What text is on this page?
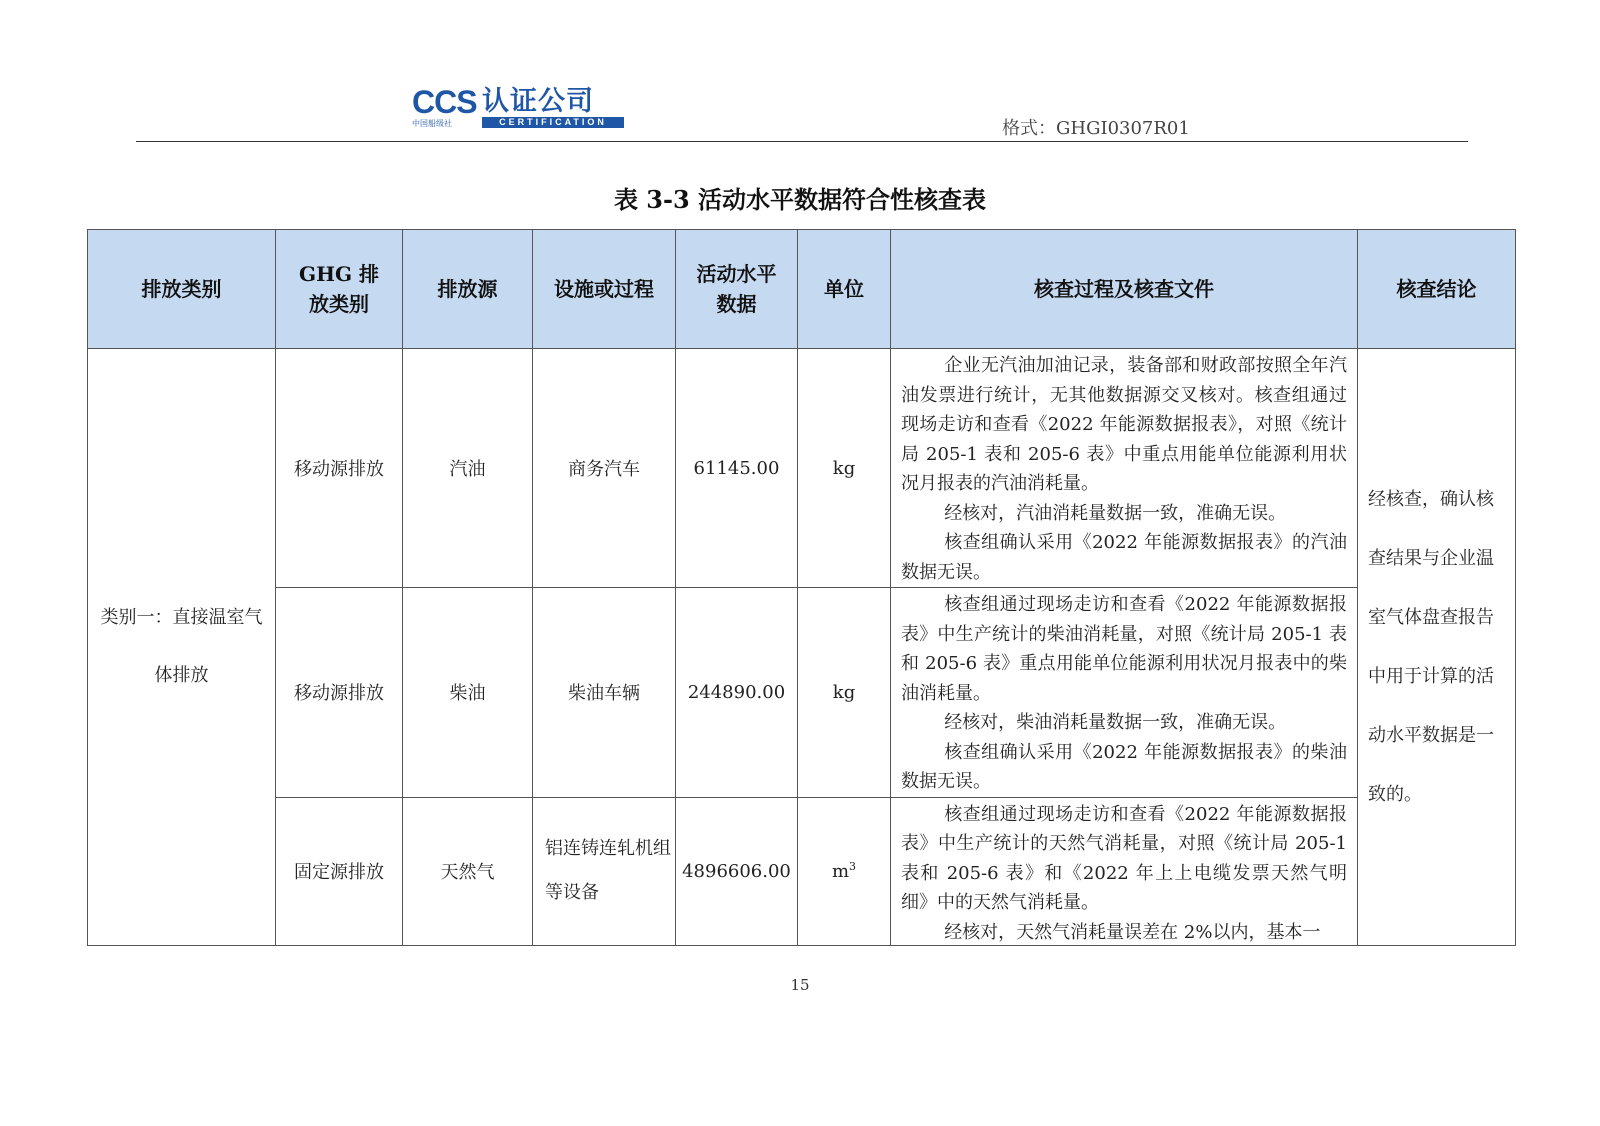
CCS 认证公司
中国船级社	CERTIFICATION	格式：GHGI0307R01
表 3-3 活动水平数据符合性核查表
排放类别	GHG 排放类别	排放源	设施或过程	活动水平数据	单位	核查过程及核查文件	核查结论
类别一：直接温室气体排放	移动源排放	汽油	商务汽车	61145.00	kg	企业无汽油加油记录，装备部和财政部按照全年汽油发票进行统计，无其他数据源交叉核对。核查组通过现场走访和查看《2022 年能源数据报表》，对照《统计局 205-1 表和 205-6 表》中重点用能单位能源利用状况月报表的汽油消耗量。

经核对，汽油消耗量数据一致，准确无误。

核查组确认采用《2022 年能源数据报表》的汽油数据无误。	经核查，确认核查结果与企业温室气体盘查报告中用于计算的活动水平数据是一致的。
	移动源排放	柴油	柴油车辆	244890.00	kg	核查组通过现场走访和查看《2022 年能源数据报表》中生产统计的柴油消耗量，对照《统计局 205-1 表和 205-6 表》重点用能单位能源利用状况月报表中的柴油消耗量。

经核对，柴油消耗量数据一致，准确无误。

核查组确认采用《2022 年能源数据报表》的柴油数据无误。	

	固定源排放	天然气	铝连铸连轧机组等设备	4896606.00	$m^3$	核查组通过现场走访和查看《2022 年能源数据报表》中生产统计的天然气消耗量，对照《统计局 205-1 表和 205-6 表》和《2022 年上上电缆发票天然气明细》中的天然气消耗量。

经核对，天然气消耗量误差在 2%以内，基本一	

15
